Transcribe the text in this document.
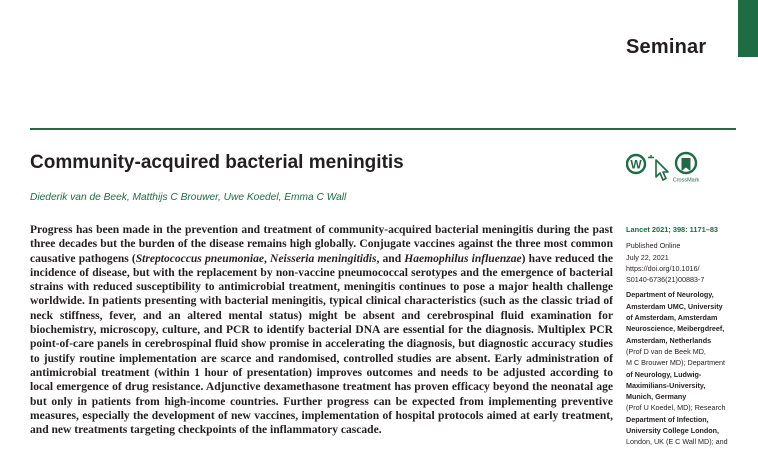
Seminar
Community-acquired bacterial meningitis
Diederik van de Beek, Matthijs C Brouwer, Uwe Koedel, Emma C Wall
W
CrossMark
Progress has been made in the prevention and treatment of community-acquired bacterial meningitis during the past
three decades but the burden of the disease remains high globally. Conjugate vaccines against the three most common
causative pathogens (Streptococcus pneumoniae, Neisseria meningitidis, and Haemophilus influenzae) have reduced the
incidence of disease, but with the replacement by non-vaccine pneumococcal serotypes and the emergence of bacterial
strains with reduced susceptibility to antimicrobial treatment, meningitis continues to pose a major health challenge
worldwide. In patients presenting with bacterial meningitis, typical clinical characteristics (such as the classic triad of
neck stiffness, fever, and an altered mental status) might be absent and cerebrospinal fluid examination for
biochemistry, microscopy, culture, and PCR to identify bacterial DNA are essential for the diagnosis. Multiplex PCR
point-of-care panels in cerebrospinal fluid show promise in accelerating the diagnosis, but diagnostic accuracy studies
to justify routine implementation are scarce and randomised, controlled studies are absent. Early administration of
antimicrobial treatment (within 1 hour of presentation) improves outcomes and needs to be adjusted according to
local emergence of drug resistance. Adjunctive dexamethasone treatment has proven efficacy beyond the neonatal age
but only in patients from high-income countries. Further progress can be expected from implementing preventive
measures, especially the development of new vaccines, implementation of hospital protocols aimed at early treatment,
and new treatments targeting checkpoints of the inflammatory cascade.
Lancet 2021; 398: 1171–83
Published Online
July 22, 2021
https://doi.org/10.1016/
S0140-6736(21)00883-7
Department of Neurology,
Amsterdam UMC, University
of Amsterdam, Amsterdam
Neuroscience, Meibergdreef,
Amsterdam, Netherlands
(Prof D van de Beek MD,
M C Brouwer MD); Department
of Neurology, Ludwig-
Maximilians-University,
Munich, Germany
(Prof U Koedel, MD); Research
Department of Infection,
University College London,
London, UK (E C Wall MD); and
